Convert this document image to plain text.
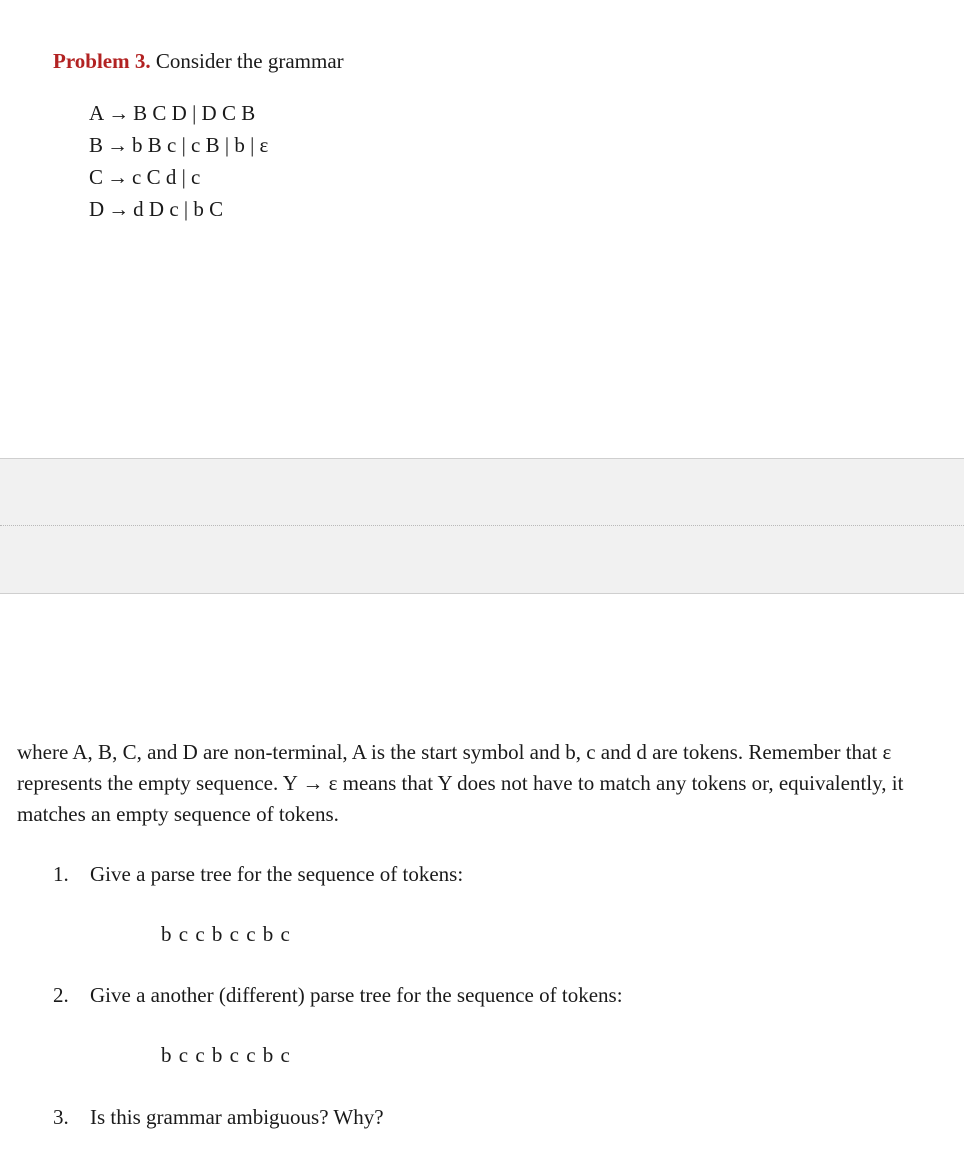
Problem 3. Consider the grammar
A → B C D | D C B
B → b B c | c B | b | ε
C → c C d | c
D → d D c | b C
where A, B, C, and D are non-terminal, A is the start symbol and b, c and d are tokens. Remember that ε represents the empty sequence. Y → ε means that Y does not have to match any tokens or, equivalently, it matches an empty sequence of tokens.
1. Give a parse tree for the sequence of tokens:
b c c b c c b c
2. Give a another (different) parse tree for the sequence of tokens:
b c c b c c b c
3. Is this grammar ambiguous? Why?
